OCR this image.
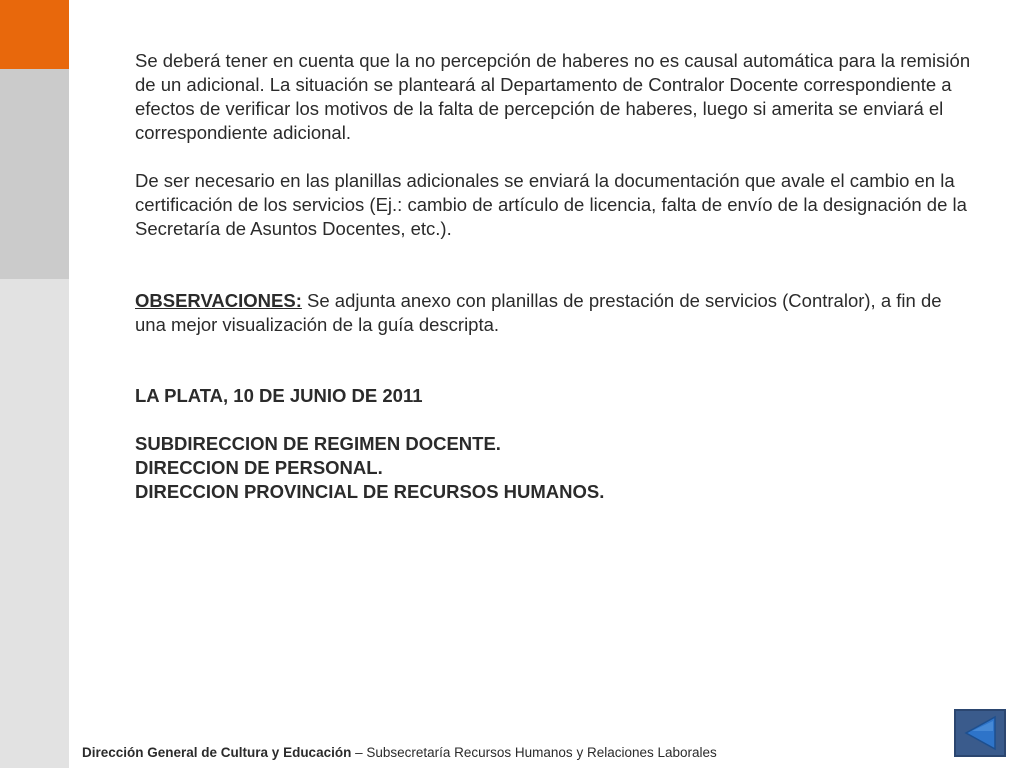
Se deberá tener en cuenta que la no percepción de haberes no es causal automática para la remisión de un adicional. La situación se planteará al Departamento de Contralor Docente correspondiente a efectos de verificar los motivos de la falta de percepción de haberes, luego si amerita se enviará el correspondiente adicional.

De ser necesario en las planillas adicionales se enviará la documentación que avale el cambio en la certificación de los servicios (Ej.: cambio de artículo de licencia, falta de envío de la designación de la Secretaría de Asuntos Docentes, etc.).

OBSERVACIONES: Se adjunta anexo con planillas de prestación de servicios (Contralor), a fin de una mejor visualización de la guía descripta.

LA PLATA, 10 DE JUNIO DE 2011
SUBDIRECCION DE REGIMEN DOCENTE.
DIRECCION DE PERSONAL.
DIRECCION PROVINCIAL DE RECURSOS HUMANOS.
Dirección General de Cultura y Educación – Subsecretaría Recursos Humanos y Relaciones Laborales
